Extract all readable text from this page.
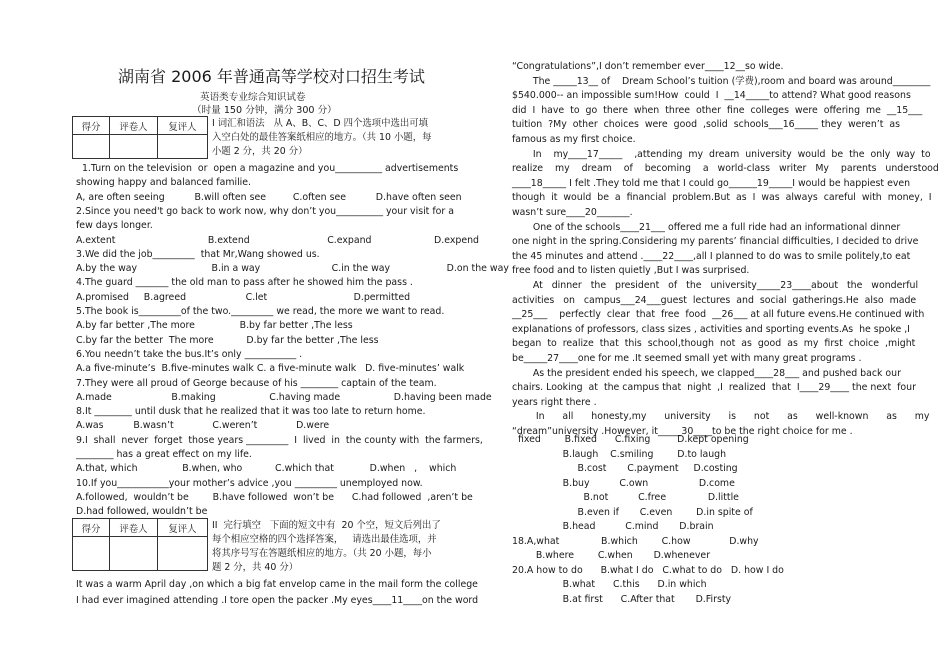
湖南省 2006 年普通高等学校对口招生考试
英语类专业综合知识试卷
（时量 150 分钟，满分 300 分）
得分	评卷人	复评人
		I 词汇和语法   从 A、B、C、D 四个选项中选出可填
入空白处的最佳答案纸相应的地方。（共 10 小题，每
小题 2 分，共 20 分）
1.Turn on the television  or  open a magazine and you__________ advertisements
showing happy and balanced familie.
A, are often seeing          B.will often see         C.often see          D.have often seen
2.Since you need't go back to work now, why don’t you__________ your visit for a
few days longer.
A.extent                               B.extend                          C.expand                     D.expend
3.We did the job_________  that Mr,Wang showed us.
A.by the way                         B.in a way                        C.in the way                   D.on the way
4.The guard _______ the old man to pass after he showed him the pass .
A.promised     B.agreed                    C.let                             D.permitted
5.The book is_________of the two._________ we read, the more we want to read.
A.by far better ,The more               B.by far better ,The less
C.by far the better  The more           D.by far the better ,The less
6.You needn’t take the bus.It’s only ___________ .
A.a five-minute’s  B.five-minutes walk C. a five-minute walk   D. five-minutes’ walk
7.They were all proud of George because of his ________ captain of the team.
A.made                    B.making                  C.having made                  D.having been made
8.It ________ until dusk that he realized that it was too late to return home.
A.was          B.wasn’t             C.weren’t             D.were
9.I  shall  never  forget  those years _________  I  lived  in  the county with  the farmers,
________ has a great effect on my life.
A.that, which               B.when, who           C.which that            D.when   ,    which
10.If you___________your mother’s advice ,you _________ unemployed now.
A.followed,  wouldn’t be        B.have followed  won’t be      C.had followed  ,aren’t be
D.had followed, wouldn’t be
得分	评卷人	复评人
		II  完行填空   下面的短文中有  20 个空，短文后列出了
每个相应空格的四个选择答案，   请选出最佳选项，并
将其序号写在答题纸相应的地方。（共 20 小题，每小
题 2 分，共 40 分）
It was a warm April day ,on which a big fat envelop came in the mail form the college
I had ever imagined attending .I tore open the packer .My eyes____11____on the word
“Congratulations”,I don’t remember ever____12__so wide.
The _____13__ of    Dream School’s tuition (学费),room and board was around________
$540.000-- an impossible sum!How  could  I  __14_____to attend? What good reasons
did  I  have  to  go  there  when  three  other  fine  colleges  were  offering  me  __15___
tuition  ?My  other  choices  were  good  ,solid  schools___16_____ they  weren’t  as
famous as my first choice.
In    my____17_____    ,attending  my  dream  university  would  be  the  only  way  to
realize    my    dream    of    becoming    a   world-class   writer   My    parents   understood
____18_____ I felt .They told me that I could go______19_____I would be happiest even
though  it  would  be  a  financial  problem.But  as  I  was  always  careful  with  money,  I
wasn’t sure____20_______.
One of the schools____21___ offered me a full ride had an informational dinner
one night in the spring.Considering my parents’ financial difficulties, I decided to drive
the 45 minutes and attend .____22____,all I planned to do was to smile politely,to eat
free food and to listen quietly ,But I was surprised.
At   dinner   the   president   of   the   university_____23____about   the   wonderful
activities   on   campus___24___guest  lectures  and  social  gatherings.He  also  made
__25___    perfectly  clear  that  free  food  __26___ at all future evens.He continued with
explanations of professors, class sizes , activities and sporting events.As  he spoke ,I
began  to  realize  that  this  school,though  not  as  good  as  my  first  choice  ,might
be_____27____one for me .It seemed small yet with many great programs .
As the president ended his speech, we clapped____28___ and pushed back our
chairs. Looking  at  the campus that  night  ,I  realized  that  I____29____ the next  four
years right there .
In      all      honesty,my      university      is      not      as      well-known      as      my
“dream”university .However, it_____30____to be the right choice for me .
fixed        B.fixed      C.fixing         D.kept opening
B.laugh    C.smiling        D.to laugh
B.cost       C.payment     D.costing
B.buy          C.own                 D.come
B.not          C.free              D.little
B.even if       C.even        D.in spite of
B.head          C.mind       D.brain
18.A,what              B.which        C.how             D.why
B.where        C.when       D.whenever
20.A how to do      B.what I do   C.what to do   D. how I do
B.what      C.this      D.in which
B.at first      C.After that       D.Firsty
